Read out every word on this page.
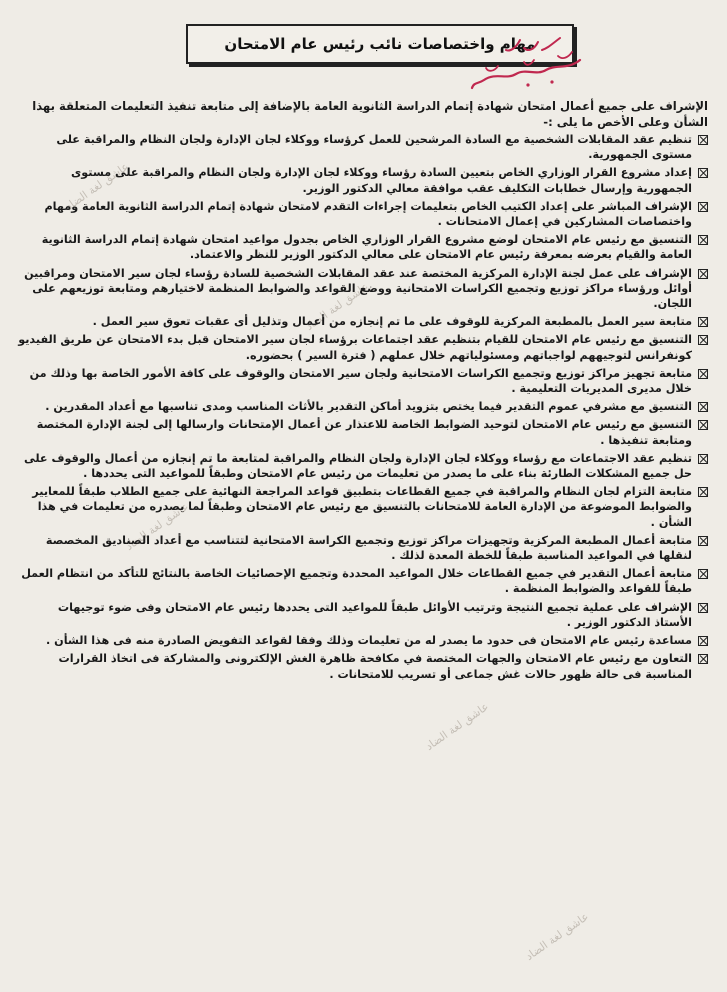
عاشق لغة الضاد
عاشق لغة الضاد
عاشق لغة الضاد
عاشق لغة الضاد
عاشق لغة الضاد
مهام واختصاصات نائب رئيس عام الامتحان
الإشراف على جميع أعمال امتحان شهادة إتمام الدراسة الثانوية العامة بالإضافة إلى متابعة تنفيذ التعليمات المتعلقة بهذا الشأن وعلى الأخص ما يلى :-
تنظيم عقد المقابلات الشخصية مع السادة المرشحين للعمل كرؤساء ووكلاء لجان الإدارة ولجان النظام والمراقبة على مستوى الجمهورية.
إعداد مشروع القرار الوزاري الخاص بتعيين السادة رؤساء ووكلاء لجان الإدارة ولجان النظام والمراقبة على مستوى الجمهورية وإرسال خطابات التكليف عقب موافقة معالي الدكتور الوزير.
الإشراف المباشر على إعداد الكتيب الخاص بتعليمات إجراءات التقدم لامتحان شهادة إتمام الدراسة الثانوية العامة ومهام واختصاصات المشاركين في إعمال الامتحانات .
التنسيق مع رئيس عام الامتحان لوضع مشروع القرار الوزاري الخاص بجدول مواعيد امتحان شهادة إتمام الدراسة الثانوية العامة والقيام بعرضه بمعرفة رئيس عام الامتحان على معالي الدكتور الوزير للنظر والاعتماد.
الإشراف على عمل لجنة الإدارة المركزية المختصة عند عقد المقابلات الشخصية للسادة رؤساء لجان سير الامتحان ومراقبين أوائل ورؤساء مراكز توزيع وتجميع الكراسات الامتحانية ووضع القواعد والضوابط المنظمة لاختيارهم ومتابعة توزيعهم على اللجان.
متابعة سير العمل بالمطبعة المركزية للوقوف على ما تم إنجازه من أعمال وتذليل أى عقبات تعوق سير العمل .
التنسيق مع رئيس عام الامتحان للقيام بتنظيم عقد اجتماعات برؤساء لجان سير الامتحان قبل بدء الامتحان عن طريق الفيديو كونفرانس لتوجيههم لواجباتهم ومسئولياتهم خلال عملهم ( فترة السير ) بحضوره.
متابعة تجهيز مراكز توزيع وتجميع الكراسات الامتحانية ولجان سير الامتحان والوقوف على كافة الأمور الخاصة بها وذلك من خلال مديرى المديريات التعليمية .
التنسيق مع مشرفي عموم التقدير فيما يختص بتزويد أماكن التقدير بالأثاث المناسب ومدى تناسبها مع أعداد المقدرين .
التنسيق مع رئيس عام الامتحان لتوحيد الضوابط الخاصة للاعتذار عن أعمال الإمتحانات وارسالها إلى لجنة الإدارة المختصة ومتابعة تنفيذها .
تنظيم عقد الاجتماعات مع رؤساء ووكلاء لجان الإدارة ولجان النظام والمراقبة لمتابعة ما تم إنجازه من أعمال والوقوف على حل جميع المشكلات الطارئة بناء على ما يصدر من تعليمات من رئيس عام الامتحان وطبقاً للمواعيد التى يحددها .
متابعة التزام لجان النظام والمراقبة في جميع القطاعات بتطبيق قواعد المراجعة النهائية على جميع الطلاب طبقاً للمعايير والضوابط الموضوعة من الإدارة العامة للامتحانات بالتنسيق مع رئيس عام الامتحان وطبقاً لما يصدره من تعليمات في هذا الشأن .
متابعة أعمال المطبعة المركزية وتجهيزات مراكز توزيع وتجميع الكراسة الامتحانية لتتناسب مع أعداد الصناديق المخصصة لنقلها في المواعيد المناسبة طبقاً للخطة المعدة لذلك .
متابعة أعمال التقدير في جميع القطاعات خلال المواعيد المحددة وتجميع الإحصائيات الخاصة بالنتائج للتأكد من انتظام العمل طبقاً للقواعد والضوابط المنظمة .
الإشراف على عملية تجميع النتيجة وترتيب الأوائل طبقاً للمواعيد التى يحددها رئيس عام الامتحان وفى ضوء توجيهات الأستاذ الدكتور الوزير .
مساعدة رئيس عام الامتحان فى حدود ما يصدر له من تعليمات وذلك وفقا لقواعد التفويض الصادرة منه فى هذا الشأن .
التعاون مع رئيس عام الامتحان والجهات المختصة في مكافحة ظاهرة الغش الإلكترونى والمشاركة فى اتخاذ القرارات المناسبة فى حالة ظهور حالات غش جماعى أو تسريب للامتحانات .
